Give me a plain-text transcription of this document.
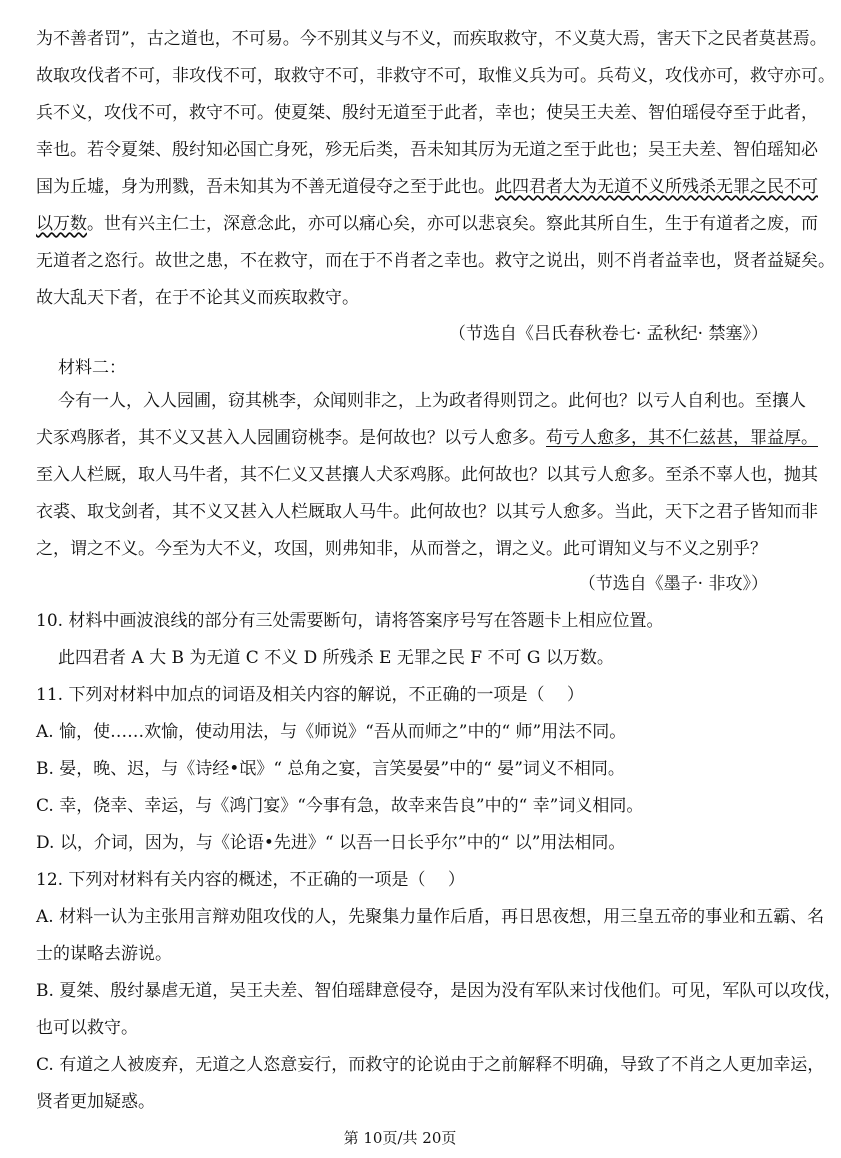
为不善者罚”，古之道也，不可易。今不别其义与不义，而疾取救守，不义莫大焉，害天下之民者莫甚焉。
故取攻伐者不可，非攻伐不可，取救守不可，非救守不可，取惟义兵为可。兵苟义，攻伐亦可，救守亦可。
兵不义，攻伐不可，救守不可。使夏桀、殷纣无道至于此者，幸也；使吴王夫差、智伯瑶侵夺至于此者，
幸也。若令夏桀、殷纣知必国亡身死，殄无后类，吾未知其厉为无道之至于此也；吴王夫差、智伯瑶知必
国为丘墟，身为刑戮，吾未知其为不善无道侵夺之至于此也。此四君者大为无道不义所残杀无罪之民不可
以万数。世有兴主仁士，深意念此，亦可以痛心矣，亦可以悲哀矣。察此其所自生，生于有道者之废，而
无道者之恣行。故世之患，不在救守，而在于不肖者之幸也。救守之说出，则不肖者益幸也，贤者益疑矣。
故大乱天下者，在于不论其义而疾取救守。
（节选自《吕氏春秋卷七· 孟秋纪· 禁塞》）
材料二：
今有一人，入人园圃，窃其桃李，众闻则非之，上为政者得则罚之。此何也？以亏人自利也。至攘人
犬豕鸡豚者，其不义又甚入人园圃窃桃李。是何故也？以亏人愈多。苟亏人愈多，其不仁兹甚，罪益厚。
至入人栏厩，取人马牛者，其不仁义又甚攘人犬豕鸡豚。此何故也？以其亏人愈多。至杀不辜人也，抛其
衣裘、取戈剑者，其不义又甚入人栏厩取人马牛。此何故也？以其亏人愈多。当此，天下之君子皆知而非
之，谓之不义。今至为大不义，攻国，则弗知非，从而誉之，谓之义。此可谓知义与不义之别乎？
（节选自《墨子· 非攻》）
10. 材料中画波浪线的部分有三处需要断句，请将答案序号写在答题卡上相应位置。
此四君者 A 大 B 为无道 C 不义 D 所残杀 E 无罪之民 F 不可 G 以万数。
11. 下列对材料中加点的词语及相关内容的解说，不正确的一项是（　 ）
A. 愉，使……欢愉，使动用法，与《师说》“吾从而师之”中的“ 师”用法不同。
B. 晏，晚、迟，与《诗经•氓》“ 总角之宴，言笑晏晏”中的“ 晏”词义不相同。
C. 幸，侥幸、幸运，与《鸿门宴》“今事有急，故幸来告良”中的“ 幸”词义相同。
D. 以，介词，因为，与《论语•先进》“ 以吾一日长乎尔”中的“ 以”用法相同。
12. 下列对材料有关内容的概述，不正确的一项是（　 ）
A. 材料一认为主张用言辩劝阻攻伐的人，先聚集力量作后盾，再日思夜想，用三皇五帝的事业和五霸、名
士的谋略去游说。
B. 夏桀、殷纣暴虐无道，吴王夫差、智伯瑶肆意侵夺，是因为没有军队来讨伐他们。可见，军队可以攻伐，
也可以救守。
C. 有道之人被废弃，无道之人恣意妄行，而救守的论说由于之前解释不明确，导致了不肖之人更加幸运，
贤者更加疑惑。
第 10页/共 20页
